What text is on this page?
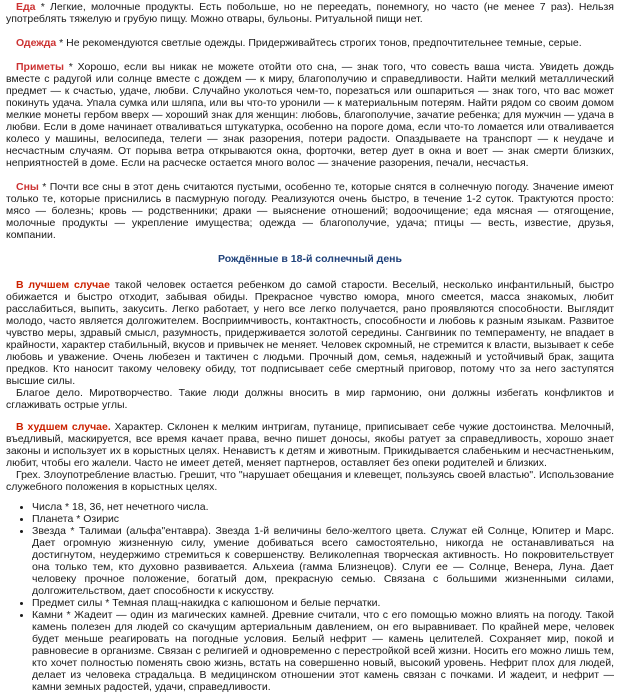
Еда * Легкие, молочные продукты. Есть побольше, но не переедать, понемногу, но часто (не менее 7 раз). Нельзя употреблять тяжелую и грубую пищу. Можно отвары, бульоны. Ритуальной пищи нет.

Одежда * Не рекомендуются светлые одежды. Придерживайтесь строгих тонов, предпочтительнее темные, серые.

Приметы * Хорошо, если вы никак не можете отойти ото сна, — знак того, что совесть ваша чиста. Увидеть дождь вместе с радугой или солнце вместе с дождем — к миру, благополучию и справедливости. Найти мелкий металлический предмет — к счастью, удаче, любви. Случайно уколоться чем-то, порезаться или ошпариться — знак того, что вас может покинуть удача. Упала сумка или шляпа, или вы что-то уронили — к материальным потерям. Найти рядом со своим домом мелкие монеты гербом вверх — хороший знак для женщин: любовь, благополучие, зачатие ребенка; для мужчин — удача в любви. Если в доме начинает отваливаться штукатурка, особенно на пороге дома, если что-то ломается или отваливается колесо у машины, велосипеда, телеги — знак разорения, потери радости. Опаздываете на транспорт — к неудаче и несчастным случаям. От порыва ветра открываются окна, форточки, ветер дует в окна и воет — знак смерти близких, неприятностей в доме. Если на расческе остается много волос — значение разорения, печали, несчастья.

Сны * Почти все сны в этот день считаются пустыми, особенно те, которые снятся в солнечную погоду. Значение имеют только те, которые приснились в пасмурную погоду. Реализуются очень быстро, в течение 1-2 суток. Трактуются просто: мясо — болезнь; кровь — родственники; драки — выяснение отношений; водоочищение; еда мясная — отягощение, молочные продукты — укрепление имущества; одежда — благополучие, удача; птицы — весть, известие, друзья, компании.

Рождённые в 18-й солнечный день

В лучшем случае такой человек остается ребенком до самой старости. Веселый, несколько инфантильный, быстро обижается и быстро отходит, забывая обиды. Прекрасное чувство юмора, много смеется, масса знакомых, любит расслабиться, выпить, закусить. Легко работает, у него все легко получается, рано проявляются способности. Выглядит молодо, часто является долгожителем. Восприимчивость, контактность, способности и любовь к разным языкам. Развитое чувство меры, здравый смысл, разумность, придерживается золотой середины. Сангвиник по темпераменту, не впадает в крайности, характер стабильный, вкусов и привычек не меняет. Человек скромный, не стремится к власти, вызывает к себе любовь и уважение. Очень любезен и тактичен с людьми. Прочный дом, семья, надежный и устойчивый брак, защита предков. Кто наносит такому человеку обиду, тот подписывает себе смертный приговор, потому что за него заступятся высшие силы.

Благое дело. Миротворчество. Такие люди должны вносить в мир гармонию, они должны избегать конфликтов и сглаживать острые углы.

В худшем случае. Характер. Склонен к мелким интригам, путанице, приписывает себе чужие достоинства. Мелочный, въедливый, маскируется, все время качает права, вечно пишет доносы, якобы ратует за справедливость, хорошо знает законы и использует их в корыстных целях. Ненавистъ к детям и животным. Прикидывается слабеньким и несчастненьким, любит, чтобы его жалели. Часто не имеет детей, меняет партнеров, оставляет без опеки родителей и близких.

Грех. Злоупотребление властью. Грешит, что "нарушает обещания и клевещет, пользуясь своей властью". Использование служебного положения в корыстных целях.

• Числа * 18, 36, нет нечетного числа.
• Планета * Озирис
• Звезда * Талимаи (альфа"ентавра). Звезда 1-й величины бело-желтого цвета. Служат ей Солнце, Юпитер и Марс. Дает огромную жизненную силу, умение добиваться всего самостоятельно, никогда не останавливаться на достигнутом, неудержимо стремиться к совершенству. Великолепная творческая активность. Но покровительствует она только тем, кто духовно развивается. Альхеиа (гамма Близнецов). Слуги ее — Солнце, Венера, Луна. Дает человеку прочное положение, богатый дом, прекрасную семью. Связана с большими жизненными силами, долгожительством, дает способности к искусству.
• Предмет силы * Темная плащ-накидка с капюшоном и белые перчатки.
• Камни * Жадеит — один из магических камней. Древние считали, что с его помощью можно влиять на погоду. Такой камень полезен для людей со скачущим артериальным давлением, он его выравнивает. По крайней мере, человек будет меньше реагировать на погодные условия. Белый нефрит — камень целителей. Сохраняет мир, покой и равновесие в организме. Связан с религией и одновременно с перестройкой всей жизни. Носить его можно лишь тем, кто хочет полностью поменять свою жизнь, встать на совершенно новый, высокий уровень. Нефрит плох для людей, делает из человека страдальца. В медицинском отношении этот камень связан с почками. И жадеит, и нефрит — камни земных радостей, удачи, справедливости.
